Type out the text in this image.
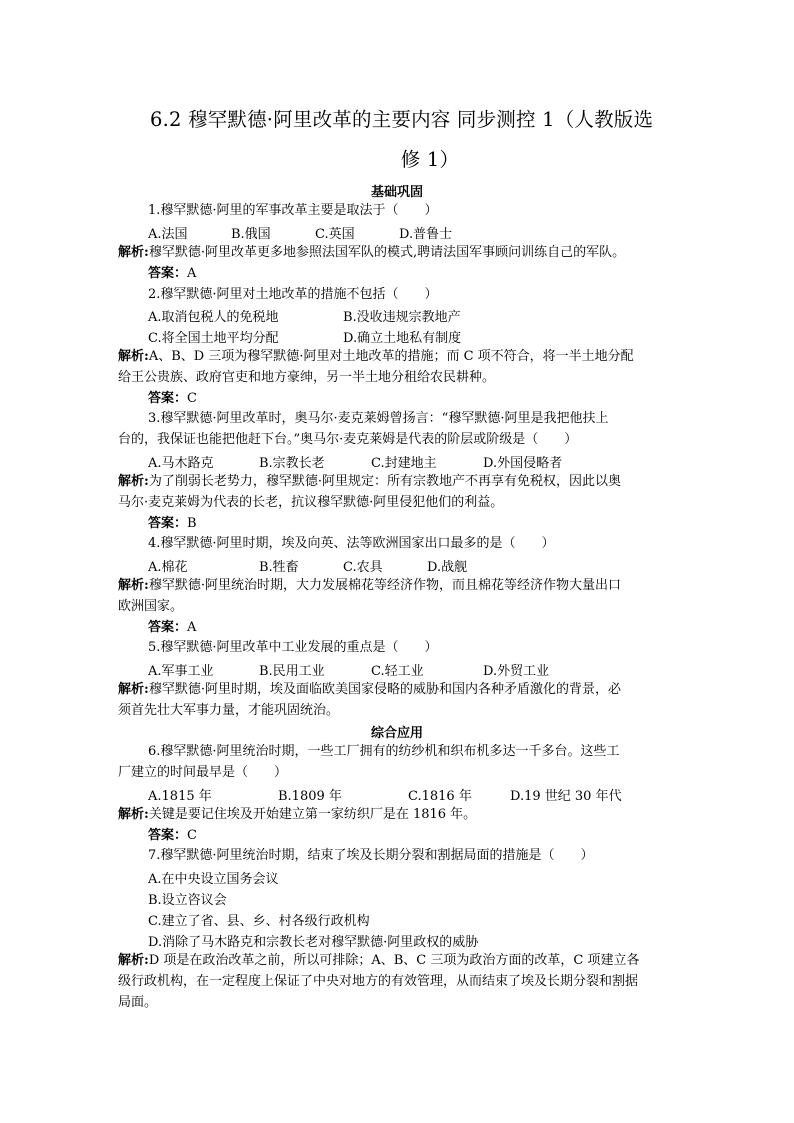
6.2 穆罕默德·阿里改革的主要内容 同步测控 1（人教版选
修 1）
基础巩固
1.穆罕默德·阿里的军事改革主要是取法于（　　）
A.法国	B.俄国	C.英国	D.普鲁士
解析:穆罕默德·阿里改革更多地参照法国军队的模式,聘请法国军事顾问训练自己的军队。
答案：A
2.穆罕默德·阿里对土地改革的措施不包括（　　）
A.取消包税人的免税地	B.没收违规宗教地产
C.将全国土地平均分配	D.确立土地私有制度
解析:A、B、D 三项为穆罕默德·阿里对土地改革的措施；而 C 项不符合，将一半土地分配
给王公贵族、政府官吏和地方豪绅，另一半土地分租给农民耕种。
答案：C
3.穆罕默德·阿里改革时，奥马尔·麦克莱姆曾扬言：“穆罕默德·阿里是我把他扶上
台的，我保证也能把他赶下台。”奥马尔·麦克莱姆是代表的阶层或阶级是（　　）
A.马木路克	B.宗教长老	C.封建地主	D.外国侵略者
解析:为了削弱长老势力，穆罕默德·阿里规定：所有宗教地产不再享有免税权，因此以奥
马尔·麦克莱姆为代表的长老，抗议穆罕默德·阿里侵犯他们的利益。
答案：B
4.穆罕默德·阿里时期，埃及向英、法等欧洲国家出口最多的是（　　）
A.棉花	B.牲畜	C.农具	D.战舰
解析:穆罕默德·阿里统治时期，大力发展棉花等经济作物，而且棉花等经济作物大量出口
欧洲国家。
答案：A
5.穆罕默德·阿里改革中工业发展的重点是（　　）
A.军事工业	B.民用工业	C.轻工业	D.外贸工业
解析:穆罕默德·阿里时期，埃及面临欧美国家侵略的威胁和国内各种矛盾激化的背景，必
须首先壮大军事力量，才能巩固统治。
综合应用
6.穆罕默德·阿里统治时期，一些工厂拥有的纺纱机和织布机多达一千多台。这些工
厂建立的时间最早是（　　）
A.1815 年	B.1809 年	C.1816 年	D.19 世纪 30 年代
解析:关键是要记住埃及开始建立第一家纺织厂是在 1816 年。
答案：C
7.穆罕默德·阿里统治时期，结束了埃及长期分裂和割据局面的措施是（　　）
A.在中央设立国务会议
B.设立咨议会
C.建立了省、县、乡、村各级行政机构
D.消除了马木路克和宗教长老对穆罕默德·阿里政权的威胁
解析:D 项是在政治改革之前，所以可排除；A、B、C 三项为政治方面的改革，C 项建立各
级行政机构，在一定程度上保证了中央对地方的有效管理，从而结束了埃及长期分裂和割据
局面。
